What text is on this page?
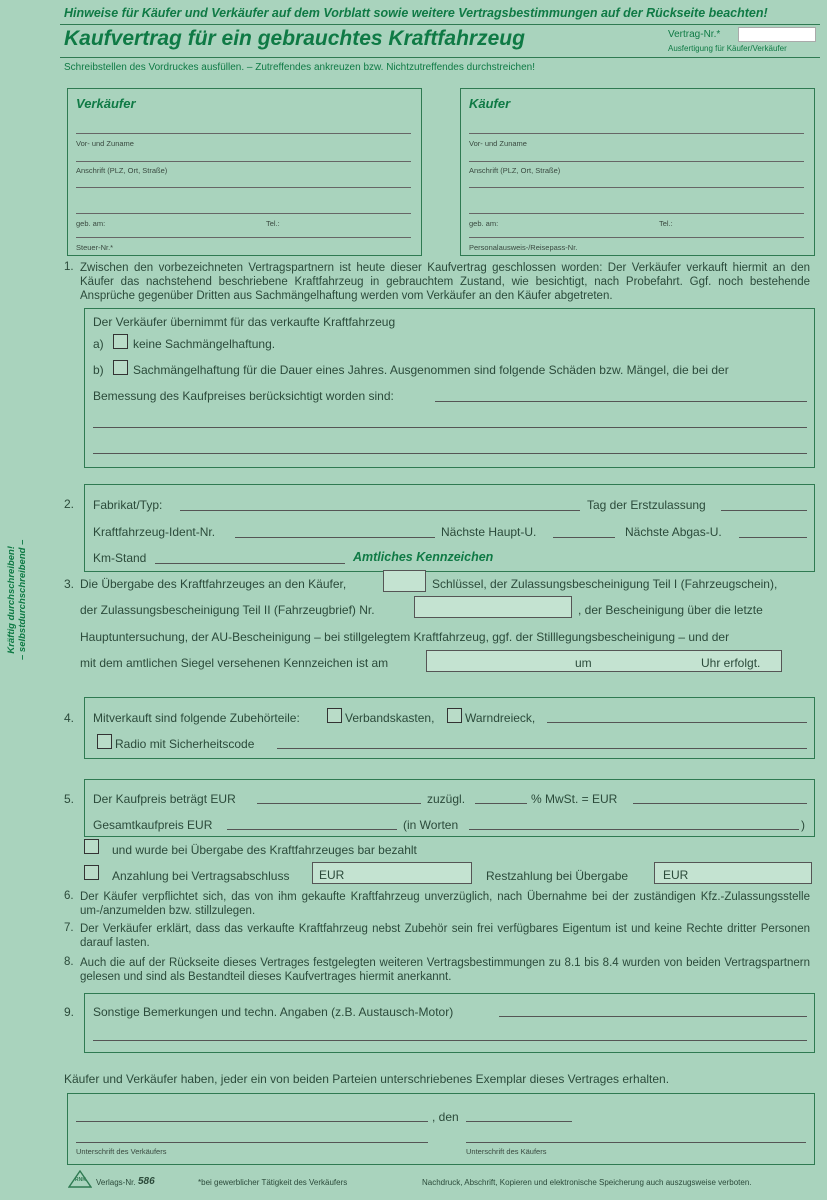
Hinweise für Käufer und Verkäufer auf dem Vorblatt sowie weitere Vertragsbestimmungen auf der Rückseite beachten!
Kaufvertrag für ein gebrauchtes Kraftfahrzeug	Vertrag-Nr.*
Ausfertigung für Käufer/Verkäufer
Schreibstellen des Vordruckes ausfüllen. – Zutreffendes ankreuzen bzw. Nichtzutreffendes durchstreichen!
Kräftig durchschreiben! – selbstdurchschreibend –
Verkäufer
Vor- und Zuname
Anschrift (PLZ, Ort, Straße)
geb. am:	Tel.:
Steuer-Nr.*
Käufer
Vor- und Zuname
Anschrift (PLZ, Ort, Straße)
geb. am:	Tel.:
Personalausweis-/Reisepass-Nr.
1. Zwischen den vorbezeichneten Vertragspartnern ist heute dieser Kaufvertrag geschlossen worden: Der Verkäufer verkauft hiermit an den Käufer das nachstehend beschriebene Kraftfahrzeug in gebrauchtem Zustand, wie besichtigt, nach Probefahrt. Ggf. noch bestehende Ansprüche gegenüber Dritten aus Sachmängelhaftung werden vom Verkäufer an den Käufer abgetreten.
Der Verkäufer übernimmt für das verkaufte Kraftfahrzeug
a) keine Sachmängelhaftung.
b) Sachmängelhaftung für die Dauer eines Jahres. Ausgenommen sind folgende Schäden bzw. Mängel, die bei der
Bemessung des Kaufpreises berücksichtigt worden sind:
2. Fabrikat/Typ:	Tag der Erstzulassung
Kraftfahrzeug-Ident-Nr.	Nächste Haupt-U.	Nächste Abgas-U.
Km-Stand	Amtliches Kennzeichen
3. Die Übergabe des Kraftfahrzeuges an den Käufer,	Schlüssel, der Zulassungsbescheinigung Teil I (Fahrzeugschein),
der Zulassungsbescheinigung Teil II (Fahrzeugbrief) Nr.	, der Bescheinigung über die letzte
Hauptuntersuchung, der AU-Bescheinigung – bei stillgelegtem Kraftfahrzeug, ggf. der Stilllegungsbescheinigung – und der
mit dem amtlichen Siegel versehenen Kennzeichen ist am	um	Uhr erfolgt.
4. Mitverkauft sind folgende Zubehörteile:	Verbandskasten,	Warndreieck,
Radio mit Sicherheitscode
5. Der Kaufpreis beträgt EUR	zuzügl.	% MwSt. = EUR
Gesamtkaufpreis EUR	(in Worten	)
und wurde bei Übergabe des Kraftfahrzeuges bar bezahlt
Anzahlung bei Vertragsabschluss EUR	Restzahlung bei Übergabe	EUR
6. Der Käufer verpflichtet sich, das von ihm gekaufte Kraftfahrzeug unverzüglich, nach Übernahme bei der zuständigen Kfz.-Zulassungsstelle um-/anzumelden bzw. stillzulegen.
7. Der Verkäufer erklärt, dass das verkaufte Kraftfahrzeug nebst Zubehör sein frei verfügbares Eigentum ist und keine Rechte dritter Personen darauf lasten.
8. Auch die auf der Rückseite dieses Vertrages festgelegten weiteren Vertragsbestimmungen zu 8.1 bis 8.4 wurden von beiden Vertragspartnern gelesen und sind als Bestandteil dieses Kaufvertrages hiermit anerkannt.
9. Sonstige Bemerkungen und techn. Angaben (z.B. Austausch-Motor)
Käufer und Verkäufer haben, jeder ein von beiden Parteien unterschriebenes Exemplar dieses Vertrages erhalten.
, den
Unterschrift des Verkäufers	Unterschrift des Käufers
RNK Verlags-Nr. 586	*bei gewerblicher Tätigkeit des Verkäufers	Nachdruck, Abschrift, Kopieren und elektronische Speicherung auch auszugsweise verboten.
